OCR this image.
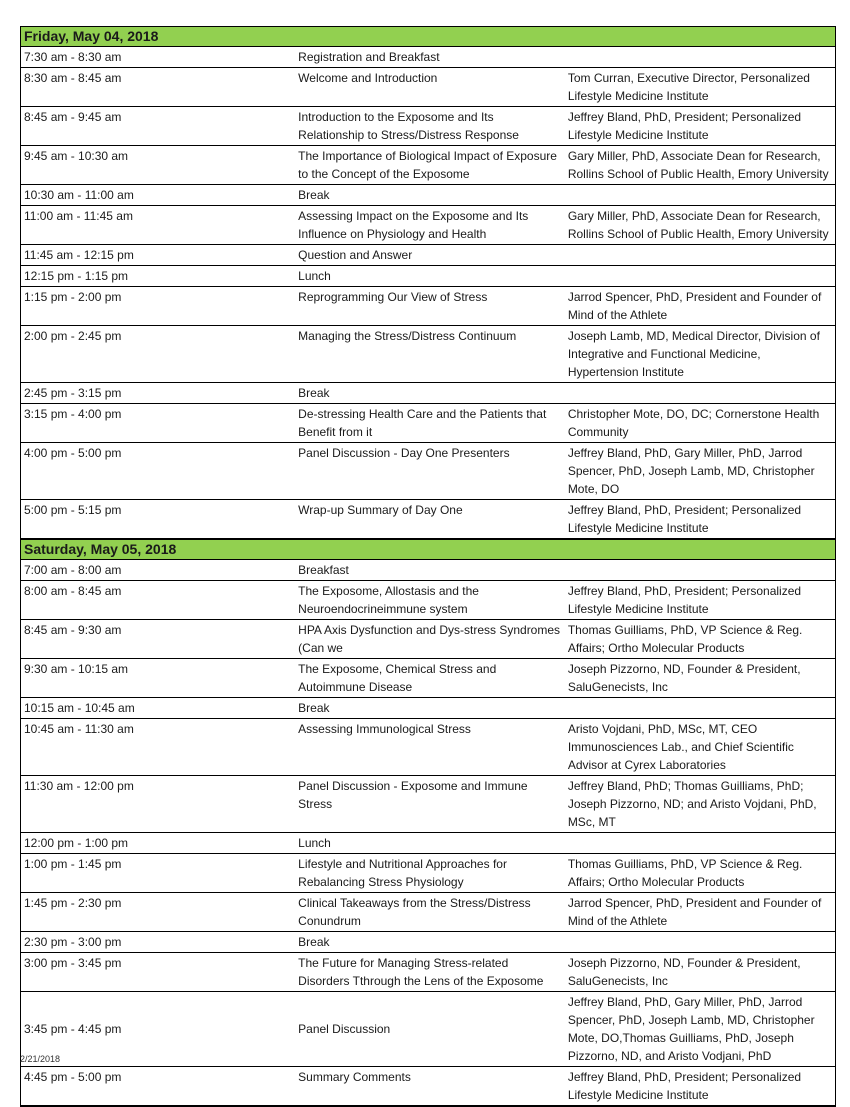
Friday, May 04, 2018		
7:30 am - 8:30 am	Registration and Breakfast	
8:30 am - 8:45 am	Welcome and Introduction	Tom Curran, Executive Director, Personalized Lifestyle Medicine Institute
8:45 am - 9:45 am	Introduction to the Exposome and Its Relationship to Stress/Distress Response	Jeffrey Bland, PhD, President; Personalized Lifestyle Medicine Institute
9:45 am - 10:30 am	The Importance of Biological Impact of Exposure to the Concept of the Exposome	Gary Miller, PhD, Associate Dean for Research, Rollins School of Public Health, Emory University
10:30 am - 11:00 am	Break	
11:00 am - 11:45 am	Assessing Impact on the Exposome and Its Influence on Physiology and Health	Gary Miller, PhD, Associate Dean for Research, Rollins School of Public Health, Emory University
11:45 am - 12:15 pm	Question and Answer	
12:15 pm - 1:15 pm	Lunch	
1:15 pm - 2:00 pm	Reprogramming Our View of Stress	Jarrod Spencer, PhD, President and Founder of Mind of the Athlete
2:00 pm - 2:45 pm	Managing the Stress/Distress Continuum	Joseph Lamb, MD, Medical Director, Division of Integrative and Functional Medicine, Hypertension Institute
2:45 pm - 3:15 pm	Break	
3:15 pm - 4:00 pm	De-stressing Health Care and the Patients that Benefit from it	Christopher Mote, DO, DC; Cornerstone Health Community
4:00 pm - 5:00 pm	Panel Discussion - Day One Presenters	Jeffrey Bland, PhD, Gary Miller, PhD, Jarrod Spencer, PhD, Joseph Lamb, MD, Christopher Mote, DO
5:00 pm - 5:15 pm	Wrap-up Summary of Day One	Jeffrey Bland, PhD, President; Personalized Lifestyle Medicine Institute
Saturday, May 05, 2018		
7:00 am - 8:00 am	Breakfast	
8:00 am - 8:45 am	The Exposome, Allostasis and the Neuroendocrineimmune system	Jeffrey Bland, PhD, President; Personalized Lifestyle Medicine Institute
8:45 am - 9:30 am	HPA Axis Dysfunction and Dys-stress Syndromes (Can we	Thomas Guilliams, PhD, VP Science & Reg. Affairs; Ortho Molecular Products
9:30 am - 10:15 am	The Exposome, Chemical Stress and Autoimmune Disease	Joseph Pizzorno, ND, Founder & President, SaluGenecists, Inc
10:15 am - 10:45 am	Break	
10:45 am - 11:30 am	Assessing Immunological Stress	Aristo Vojdani, PhD, MSc, MT, CEO Immunosciences Lab., and Chief Scientific Advisor at Cyrex Laboratories
11:30 am - 12:00 pm	Panel Discussion - Exposome and Immune Stress	Jeffrey Bland, PhD; Thomas Guilliams, PhD; Joseph Pizzorno, ND; and Aristo Vojdani, PhD, MSc, MT
12:00 pm - 1:00 pm	Lunch	
1:00 pm - 1:45 pm	Lifestyle and Nutritional Approaches for Rebalancing Stress Physiology	Thomas Guilliams, PhD, VP Science & Reg. Affairs; Ortho Molecular Products
1:45 pm - 2:30 pm	Clinical Takeaways from the Stress/Distress Conundrum	Jarrod Spencer, PhD, President and Founder of Mind of the Athlete
2:30 pm - 3:00 pm	Break	
3:00 pm - 3:45 pm	The Future for Managing Stress-related Disorders Tthrough the Lens of the Exposome	Joseph Pizzorno, ND, Founder & President, SaluGenecists, Inc
3:45 pm - 4:45 pm	Panel Discussion	Jeffrey Bland, PhD, Gary Miller, PhD, Jarrod Spencer, PhD, Joseph Lamb, MD, Christopher Mote, DO,Thomas Guilliams, PhD, Joseph Pizzorno, ND, and Aristo Vodjani, PhD
4:45 pm - 5:00 pm	Summary Comments	Jeffrey Bland, PhD, President; Personalized Lifestyle Medicine Institute
2/21/2018
